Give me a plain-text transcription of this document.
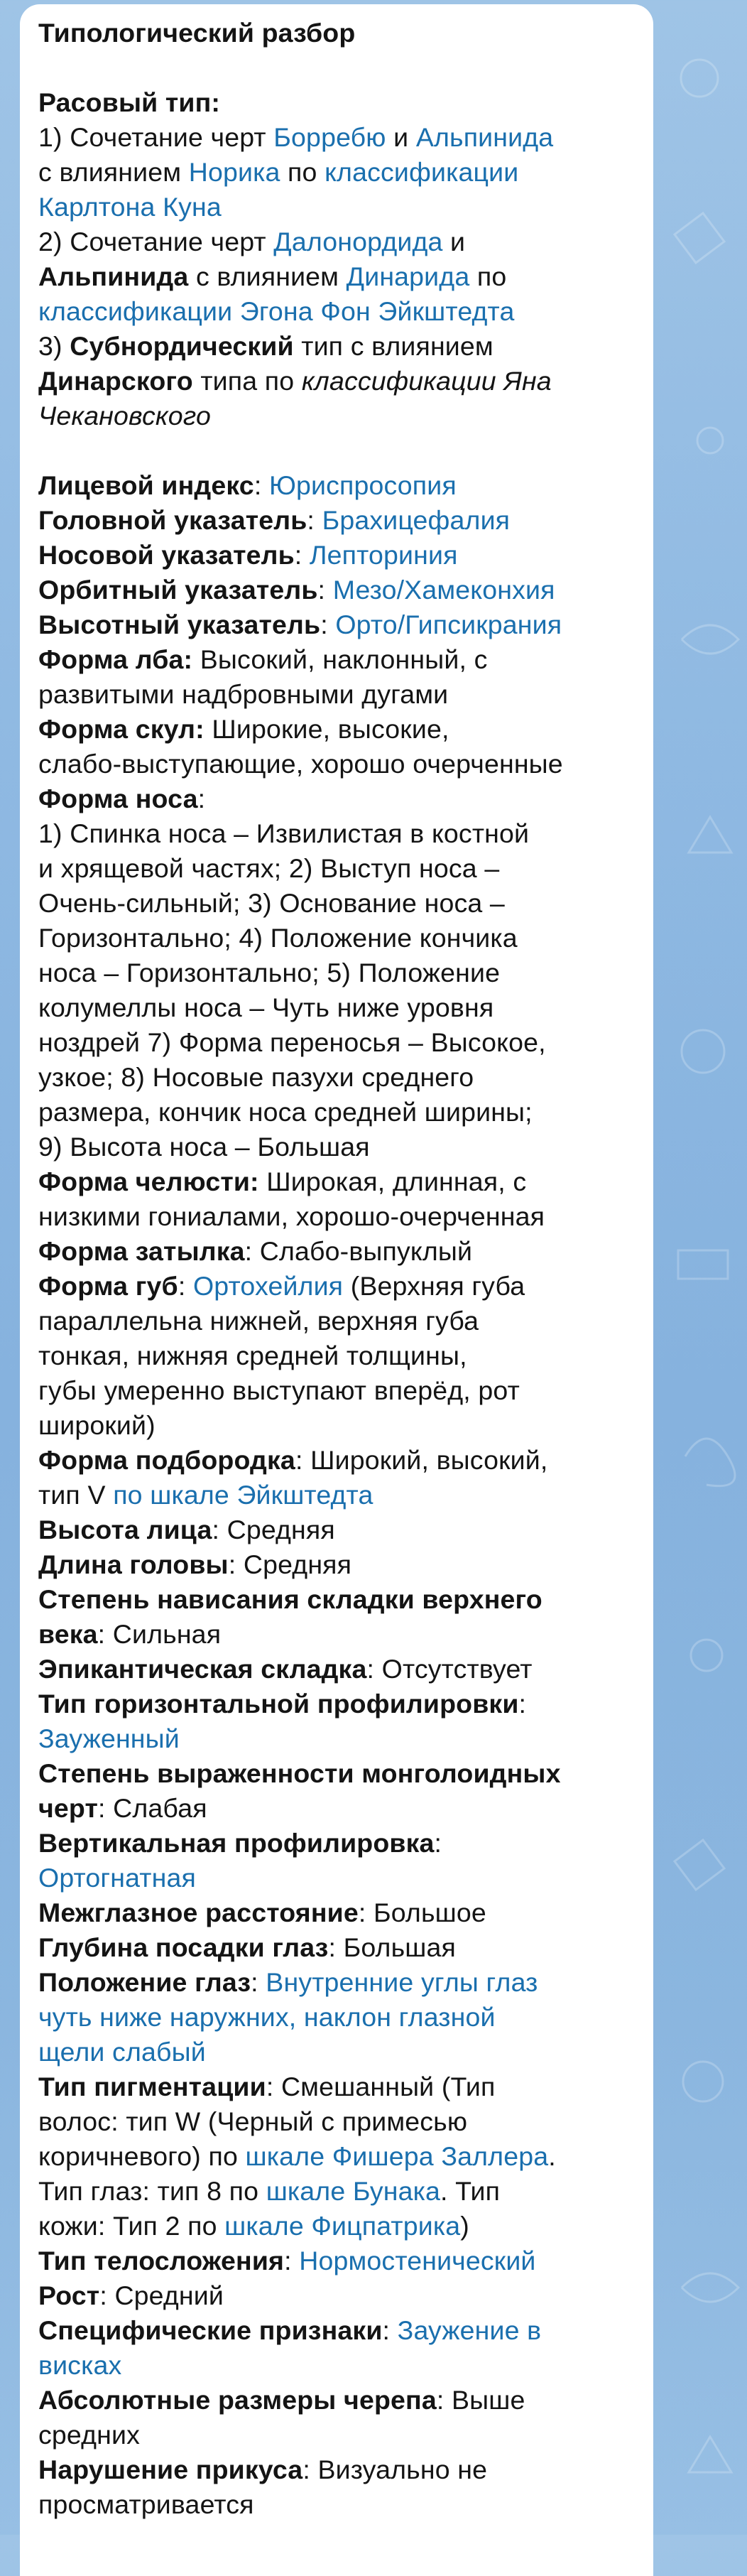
Типологический разбор
Расовый тип:
1) Сочетание черт Борребю и Альпинида
с влиянием Норика по классификации
Карлтона Куна
2) Сочетание черт Далонордида и
Альпинида с влиянием Динарида по
классификации Эгона Фон Эйкштедта
3) Субнордический тип с влиянием
Динарского типа по классификации Яна
Чекановского
Лицевой индекс: Юриспросопия
Головной указатель: Брахицефалия
Носовой указатель: Лепториния
Орбитный указатель: Мезо/Хамеконхия
Высотный указатель: Орто/Гипсикрания
Форма лба: Высокий, наклонный, с
развитыми надбровными дугами
Форма скул: Широкие, высокие,
слабо-выступающие, хорошо очерченные
Форма носа:
1) Спинка носа – Извилистая в костной
и хрящевой частях; 2) Выступ носа –
Очень-сильный; 3) Основание носа –
Горизонтально; 4) Положение кончика
носа – Горизонтально; 5) Положение
колумеллы носа – Чуть ниже уровня
ноздрей 7) Форма переносья – Высокое,
узкое; 8) Носовые пазухи среднего
размера, кончик носа средней ширины;
9) Высота носа – Большая
Форма челюсти: Широкая, длинная, с
низкими гониалами, хорошо-очерченная
Форма затылка: Слабо-выпуклый
Форма губ: Ортохейлия (Верхняя губа
параллельна нижней, верхняя губа
тонкая, нижняя средней толщины,
губы умеренно выступают вперёд, рот
широкий)
Форма подбородка: Широкий, высокий,
тип V по шкале Эйкштедта
Высота лица: Средняя
Длина головы: Средняя
Степень нависания складки верхнего
века: Сильная
Эпикантическая складка: Отсутствует
Тип горизонтальной профилировки:
Зауженный
Степень выраженности монголоидных
черт: Слабая
Вертикальная профилировка:
Ортогнатная
Межглазное расстояние: Большое
Глубина посадки глаз: Большая
Положение глаз: Внутренние углы глаз
чуть ниже наружних, наклон глазной
щели слабый
Тип пигментации: Смешанный (Тип
волос: тип W (Черный с примесью
коричневого) по шкале Фишера Заллера.
Тип глаз: тип 8 по шкале Бунака. Тип
кожи: Тип 2 по шкале Фицпатрика)
Тип телосложения: Нормостенический
Рост: Средний
Специфические признаки: Заужение в
висках
Абсолютные размеры черепа: Выше
средних
Нарушение прикуса: Визуально не
просматривается
